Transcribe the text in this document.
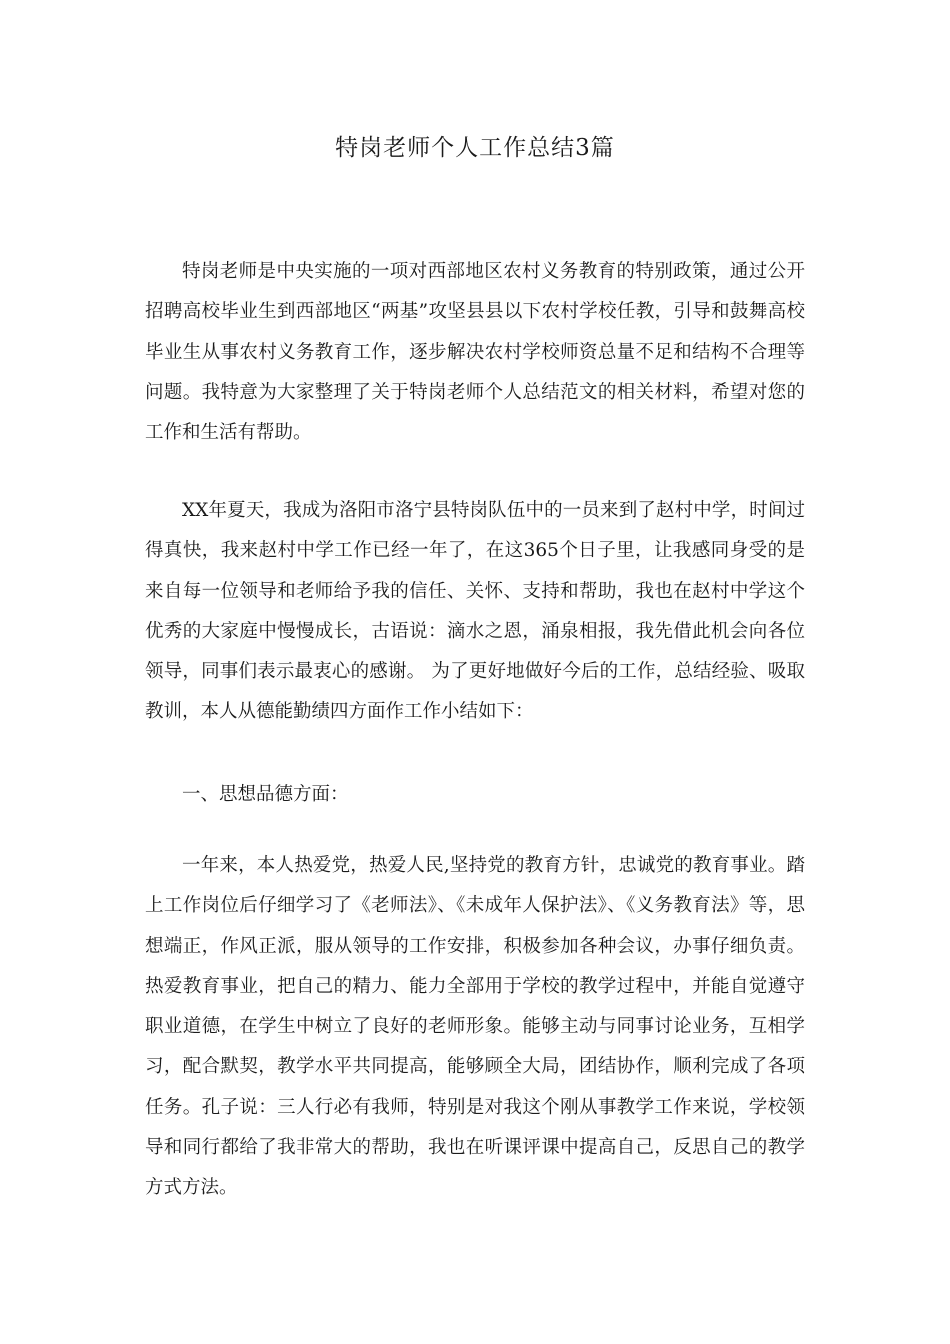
特岗老师个人工作总结3篇
特岗老师是中央实施的一项对西部地区农村义务教育的特别政策，通过公开招聘高校毕业生到西部地区“两基”攻坚县县以下农村学校任教，引导和鼓舞高校毕业生从事农村义务教育工作，逐步解决农村学校师资总量不足和结构不合理等问题。我特意为大家整理了关于特岗老师个人总结范文的相关材料，希望对您的工作和生活有帮助。
XX年夏天，我成为洛阳市洛宁县特岗队伍中的一员来到了赵村中学，时间过得真快，我来赵村中学工作已经一年了，在这365个日子里，让我感同身受的是来自每一位领导和老师给予我的信任、关怀、支持和帮助，我也在赵村中学这个优秀的大家庭中慢慢成长，古语说：滴水之恩，涌泉相报，我先借此机会向各位领导，同事们表示最衷心的感谢。 为了更好地做好今后的工作，总结经验、吸取教训，本人从德能勤绩四方面作工作小结如下：
一、思想品德方面：
一年来，本人热爱党，热爱人民,坚持党的教育方针，忠诚党的教育事业。踏上工作岗位后仔细学习了《老师法》、《未成年人保护法》、《义务教育法》等，思想端正，作风正派，服从领导的工作安排，积极参加各种会议，办事仔细负责。热爱教育事业，把自己的精力、能力全部用于学校的教学过程中，并能自觉遵守职业道德，在学生中树立了良好的老师形象。能够主动与同事讨论业务，互相学习，配合默契，教学水平共同提高，能够顾全大局，团结协作，顺利完成了各项任务。孔子说：三人行必有我师，特别是对我这个刚从事教学工作来说，学校领导和同行都给了我非常大的帮助，我也在听课评课中提高自己，反思自己的教学方式方法。
